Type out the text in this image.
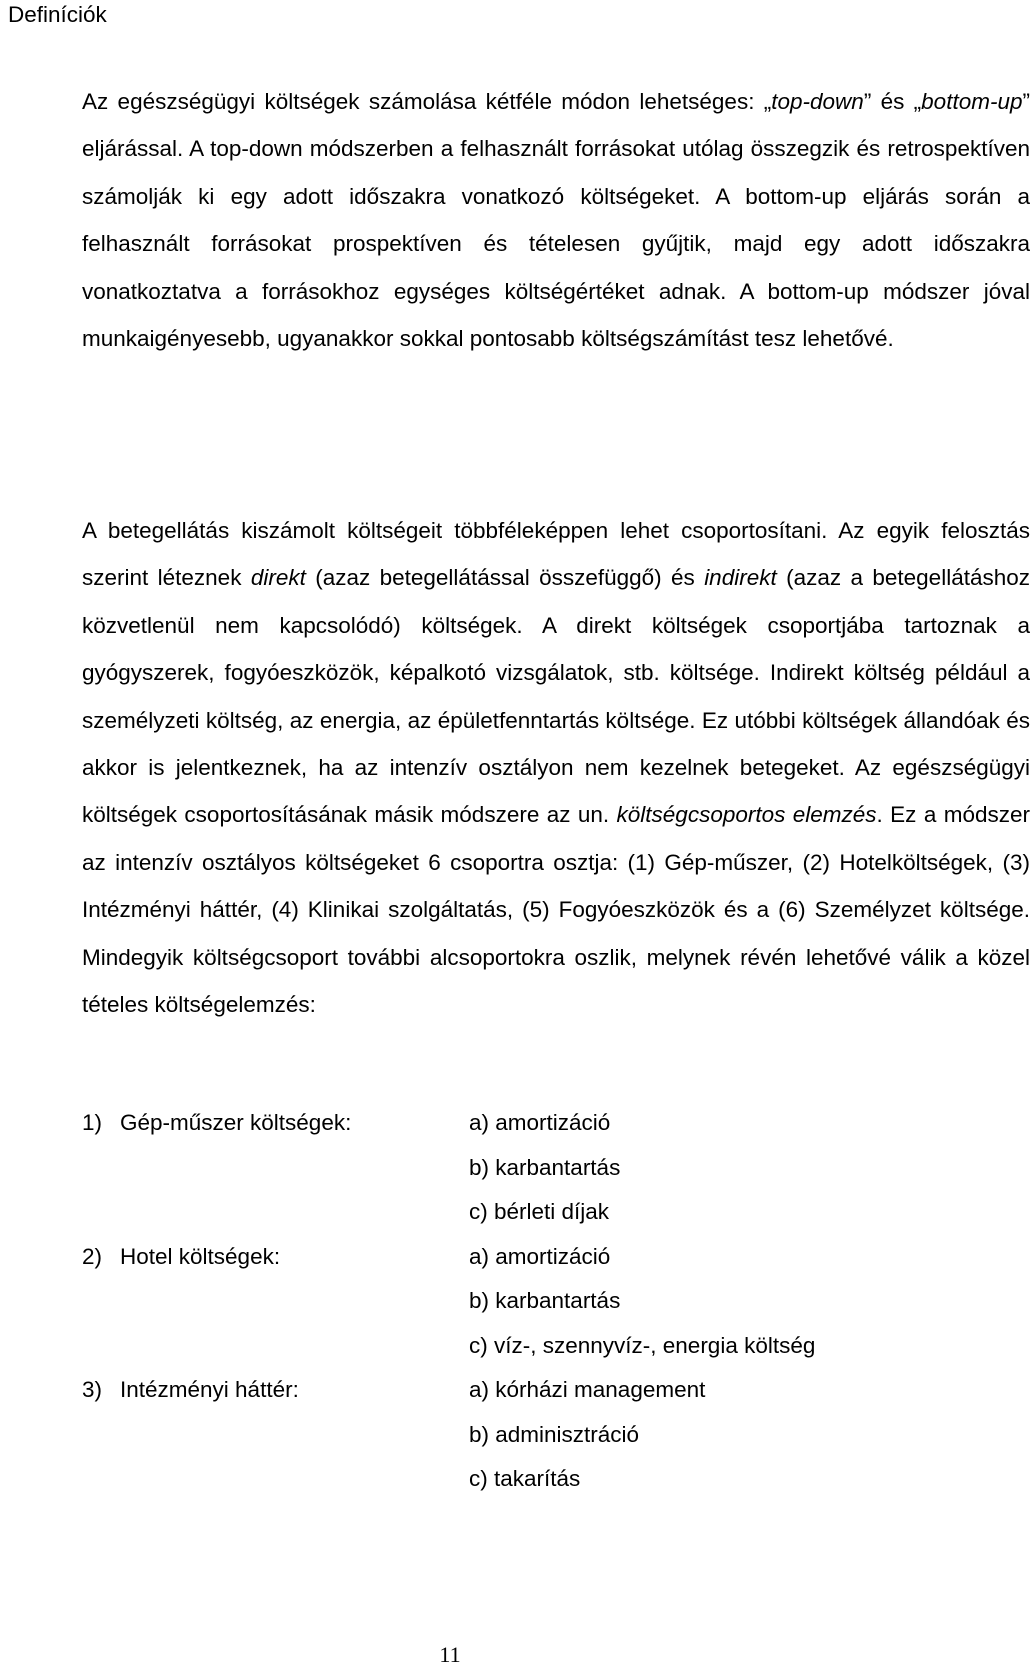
Definíciók

Az egészségügyi költségek számolása kétféle módon lehetséges: „top-down” és „bottom-up” eljárással. A top-down módszerben a felhasznált forrásokat utólag összegzik és retrospektíven számolják ki egy adott időszakra vonatkozó költségeket. A bottom-up eljárás során a felhasznált forrásokat prospektíven és tételesen gyűjtik, majd egy adott időszakra vonatkoztatva a forrásokhoz egységes költségértéket adnak. A bottom-up módszer jóval munkaigényesebb, ugyanakkor sokkal pontosabb költségszámítást tesz lehetővé.

A betegellátás kiszámolt költségeit többféleképpen lehet csoportosítani. Az egyik felosztás szerint léteznek direkt (azaz betegellátással összefüggő) és indirekt (azaz a betegellátáshoz közvetlenül nem kapcsolódó) költségek. A direkt költségek csoportjába tartoznak a gyógyszerek, fogyóeszközök, képalkotó vizsgálatok, stb. költsége. Indirekt költség például a személyzeti költség, az energia, az épületfenntartás költsége. Ez utóbbi költségek állandóak és akkor is jelentkeznek, ha az intenzív osztályon nem kezelnek betegeket. Az egészségügyi költségek csoportosításának másik módszere az un. költségcsoportos elemzés. Ez a módszer az intenzív osztályos költségeket 6 csoportra osztja: (1) Gép-műszer, (2) Hotelköltségek, (3) Intézményi háttér, (4) Klinikai szolgáltatás, (5) Fogyóeszközök és a (6) Személyzet költsége. Mindegyik költségcsoport további alcsoportokra oszlik, melynek révén lehetővé válik a közel tételes költségelemzés:

1) Gép-műszer költségek:	a) amortizáció
b) karbantartás
c) bérleti díjak
2) Hotel költségek:	a) amortizáció
b) karbantartás
c) víz-, szennyvíz-, energia költség
3) Intézményi háttér:	a) kórházi management
b) adminisztráció
c) takarítás
11
